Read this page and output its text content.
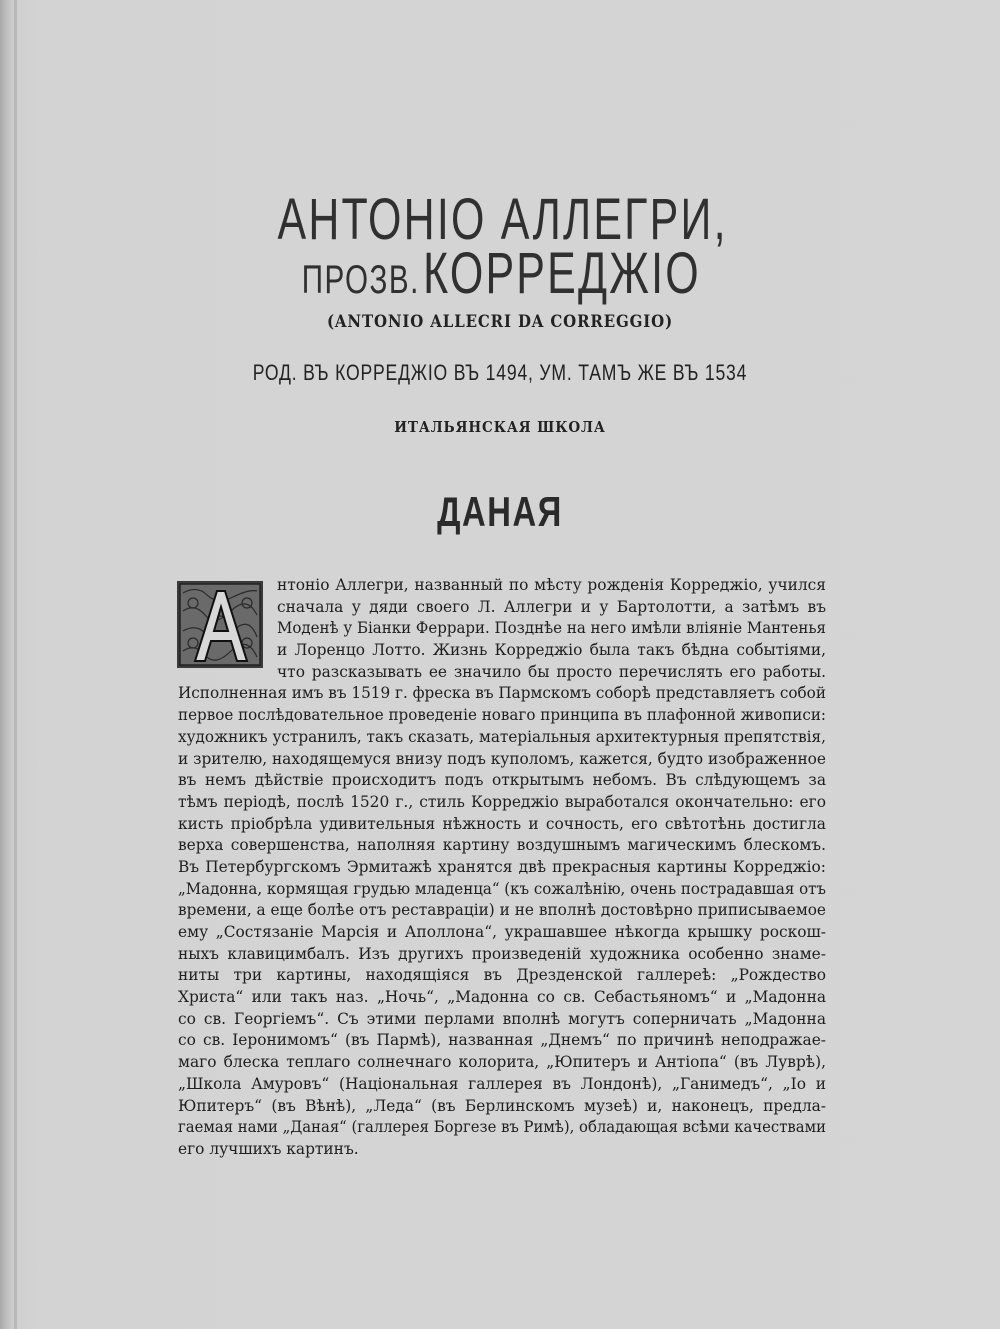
АНТОНІО АЛЛЕГРИ,
ПРОЗВ. КОРРЕДЖІО
(ANTONIO ALLECRI DA CORREGGIO)
РОД. ВЪ КОРРЕДЖІО ВЪ 1494, УМ. ТАМЪ ЖЕ ВЪ 1534
ИТАЛЬЯНСКАЯ ШКОЛА
ДАНАЯ
нтоніо Аллегри, названный по мѣсту рожденія Корреджіо, учился
сначала у дяди своего Л. Аллегри и у Бартолотти, а затѣмъ въ
Моденѣ у Біанки Феррари. Позднѣе на него имѣли вліяніе Мантенья
и Лоренцо Лотто. Жизнь Корреджіо была такъ бѣдна событіями,
что разсказывать ее значило бы просто перечислять его работы.
Исполненная имъ въ 1519 г. фреска въ Пармскомъ соборѣ представляетъ собой
первое послѣдовательное проведеніе новаго принципа въ плафонной живописи:
художникъ устранилъ, такъ сказать, матеріальныя архитектурныя препятствія,
и зрителю, находящемуся внизу подъ куполомъ, кажется, будто изображенное
въ немъ дѣйствіе происходитъ подъ открытымъ небомъ. Въ слѣдующемъ за
тѣмъ періодѣ, послѣ 1520 г., стиль Корреджіо выработался окончательно: его
кисть пріобрѣла удивительныя нѣжность и сочность, его свѣтотѣнь достигла
верха совершенства, наполняя картину воздушнымъ магическимъ блескомъ.
Въ Петербургскомъ Эрмитажѣ хранятся двѣ прекрасныя картины Корреджіо:
„Мадонна, кормящая грудью младенца“ (къ сожалѣнію, очень пострадавшая отъ
времени, а еще болѣе отъ реставраціи) и не вполнѣ достовѣрно приписываемое
ему „Состязаніе Марсія и Аполлона“, украшавшее нѣкогда крышку роскош-
ныхъ клавицимбалъ. Изъ другихъ произведеній художника особенно знаме-
ниты три картины, находящіяся въ Дрезденской галлереѣ: „Рождество
Христа“ или такъ наз. „Ночь“, „Мадонна со св. Себастьяномъ“ и „Мадонна
со св. Георгіемъ“. Съ этими перлами вполнѣ могутъ соперничать „Мадонна
со св. Іеронимомъ“ (въ Пармѣ), названная „Днемъ“ по причинѣ неподражае-
маго блеска теплаго солнечнаго колорита, „Юпитеръ и Антіопа“ (въ Луврѣ),
„Школа Амуровъ“ (Національная галлерея въ Лондонѣ), „Ганимедъ“, „Іо и
Юпитеръ“ (въ Вѣнѣ), „Леда“ (въ Берлинскомъ музеѣ) и, наконецъ, предла-
гаемая нами „Даная“ (галлерея Боргезе въ Римѣ), обладающая всѣми качествами
его лучшихъ картинъ.
